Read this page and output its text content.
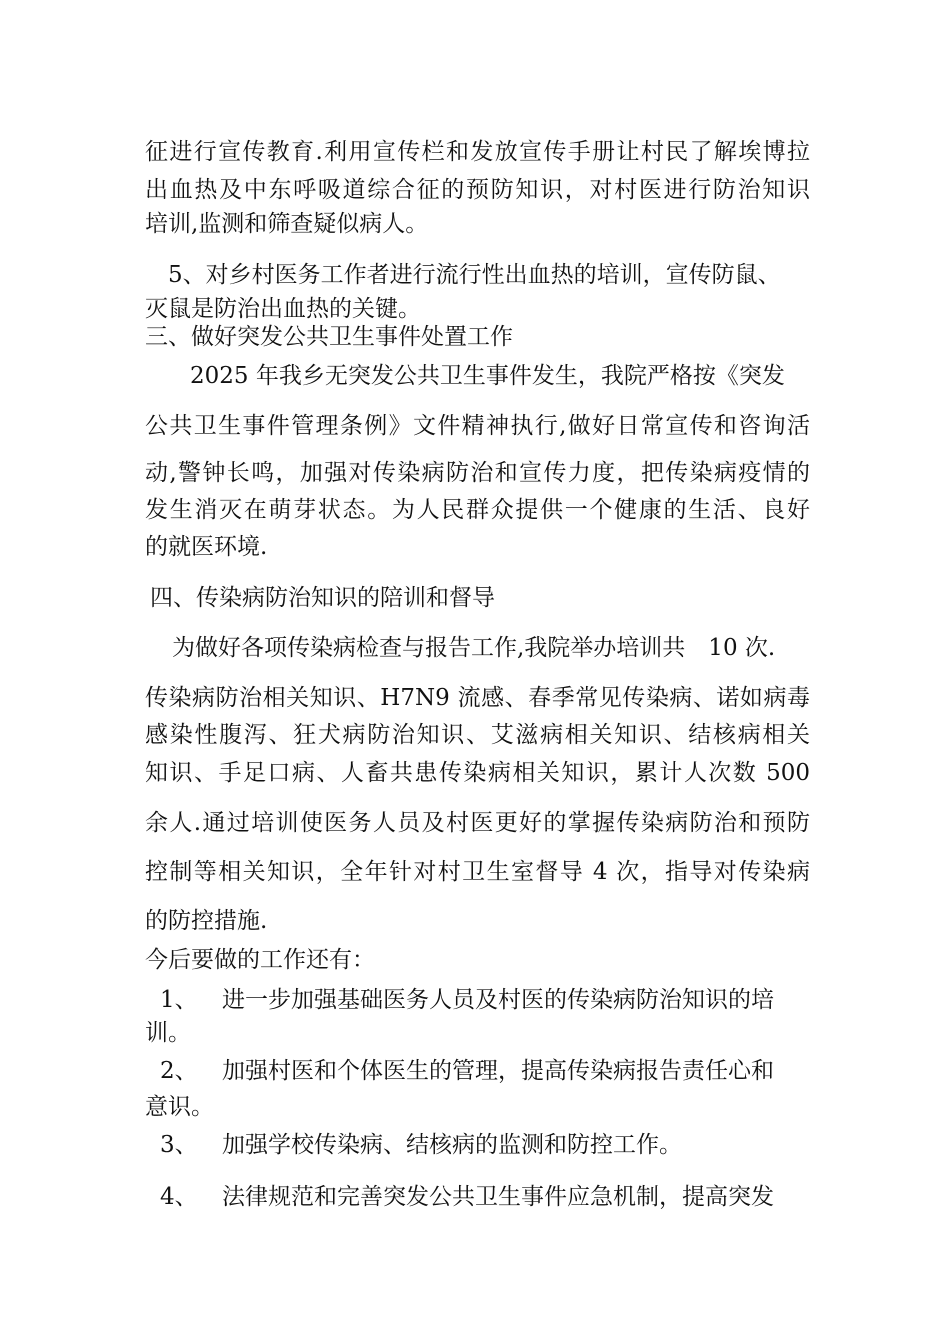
征进行宣传教育.利用宣传栏和发放宣传手册让村民了解埃博拉
出血热及中东呼吸道综合征的预防知识，对村医进行防治知识
培训,监测和筛查疑似病人。
5、对乡村医务工作者进行流行性出血热的培训，宣传防鼠、
灭鼠是防治出血热的关键。
三、做好突发公共卫生事件处置工作
2025 年我乡无突发公共卫生事件发生，我院严格按《突发
公共卫生事件管理条例》文件精神执行,做好日常宣传和咨询活
动,警钟长鸣，加强对传染病防治和宣传力度，把传染病疫情的
发生消灭在萌芽状态。为人民群众提供一个健康的生活、良好
的就医环境.
四、传染病防治知识的陪训和督导
为做好各项传染病检查与报告工作,我院举办培训共　10 次.
传染病防治相关知识、H7N9 流感、春季常见传染病、诺如病毒
感染性腹泻、狂犬病防治知识、艾滋病相关知识、结核病相关
知识、手足口病、人畜共患传染病相关知识，累计人次数 500
余人.通过培训使医务人员及村医更好的掌握传染病防治和预防
控制等相关知识，全年针对村卫生室督导 4 次，指导对传染病
的防控措施.
今后要做的工作还有：
1、	进一步加强基础医务人员及村医的传染病防治知识的培
训。
2、	加强村医和个体医生的管理，提高传染病报告责任心和
意识。
3、	加强学校传染病、结核病的监测和防控工作。
4、	法律规范和完善突发公共卫生事件应急机制，提高突发
